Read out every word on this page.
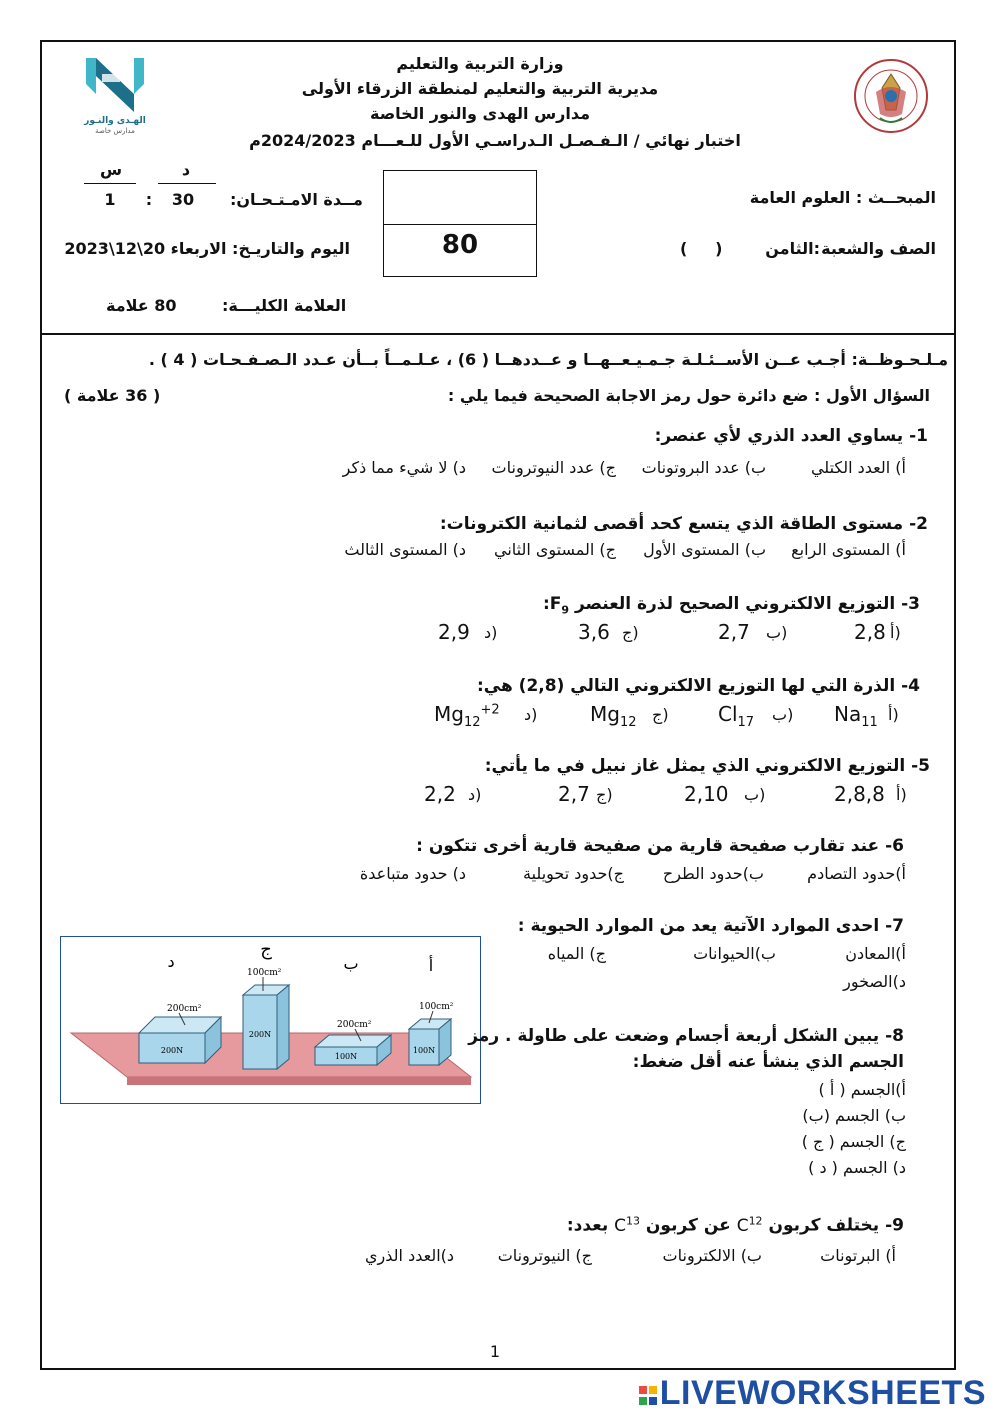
الهـدى والنـور
مدارس خاصة
وزارة التربية والتعليم
مديرية التربية والتعليم لمنطقة الزرقاء الأولى
مدارس الهدى والنور الخاصة
اختبار نهائي / الـفـصـل الـدراسـي الأول للـعـــام 2024/2023م
المبحــث : العلوم العامة
الصف والشعبة
:الثامن
(     )
80
مــدة الامـتـحـان:
د
س
30
:
1
اليوم والتاريـخ: الاربعاء 20\12\2023
العلامة الكليـــة:
80 علامة
مـلـحـوظــة: أجـب عــن الأســئـلـة جـمـيـعــهــا و عــددهــا ( 6) ، عـلـمــاً بــأن عـدد الـصـفـحـات ( 4 ) .
السؤال الأول : ضع دائرة حول رمز الاجابة الصحيحة فيما يلي :
( 36 علامة )
1- يساوي العدد الذري لأي عنصر:
أ) العدد الكتلي
ب) عدد البروتونات
ج) عدد النيوترونات
د) لا شيء مما ذكر
2- مستوى الطاقة الذي يتسع كحد أقصى لثمانية الكترونات:
أ) المستوى الرابع
ب) المستوى الأول
ج) المستوى الثاني
د) المستوى الثالث
3- التوزيع الالكتروني الصحيح لذرة العنصر $F_9$:
2,8 أ)
2,7 ب)
3,6 ج)
2,9 د)
4- الذرة التي لها التوزيع الالكتروني التالي (2,8) هي:
$Na_{11}$ أ)
$Cl_{17}$ ب)
$Mg_{12}$ ج)
$Mg_{12}^{+2}$ د)
5- التوزيع الالكتروني الذي يمثل غاز نبيل في ما يأتي:
2,8,8 أ)
2,10 ب)
2,7 ج)
2,2 د)
6- عند تقارب صفيحة قارية من صفيحة قارية أخرى تتكون :
أ)حدود التصادم
ب)حدود الطرح
ج)حدود تحويلية
د) حدود متباعدة
7- احدى الموارد الآتية يعد من الموارد الحيوية :
أ)المعادن
ب)الحيوانات
ج) المياه
د)الصخور
د
ج
ب	أ
200cm²
100cm²
200cm²
100cm²
200N
200N
100N
100N
8- يبين الشكل أربعة أجسام وضعت على طاولة . رمز
الجسم الذي ينشأ عنه أقل ضغط:
أ)الجسم ( أ )
ب) الجسم (ب)
ج) الجسم ( ج )
د) الجسم ( د )
9- يختلف كربون $C^{12}$ عن كربون $C^{13}$ بعدد:
أ) البرتونات
ب) الالكترونات
ج) النيوترونات
د)العدد الذري
1

LIVEWORKSHEETS
